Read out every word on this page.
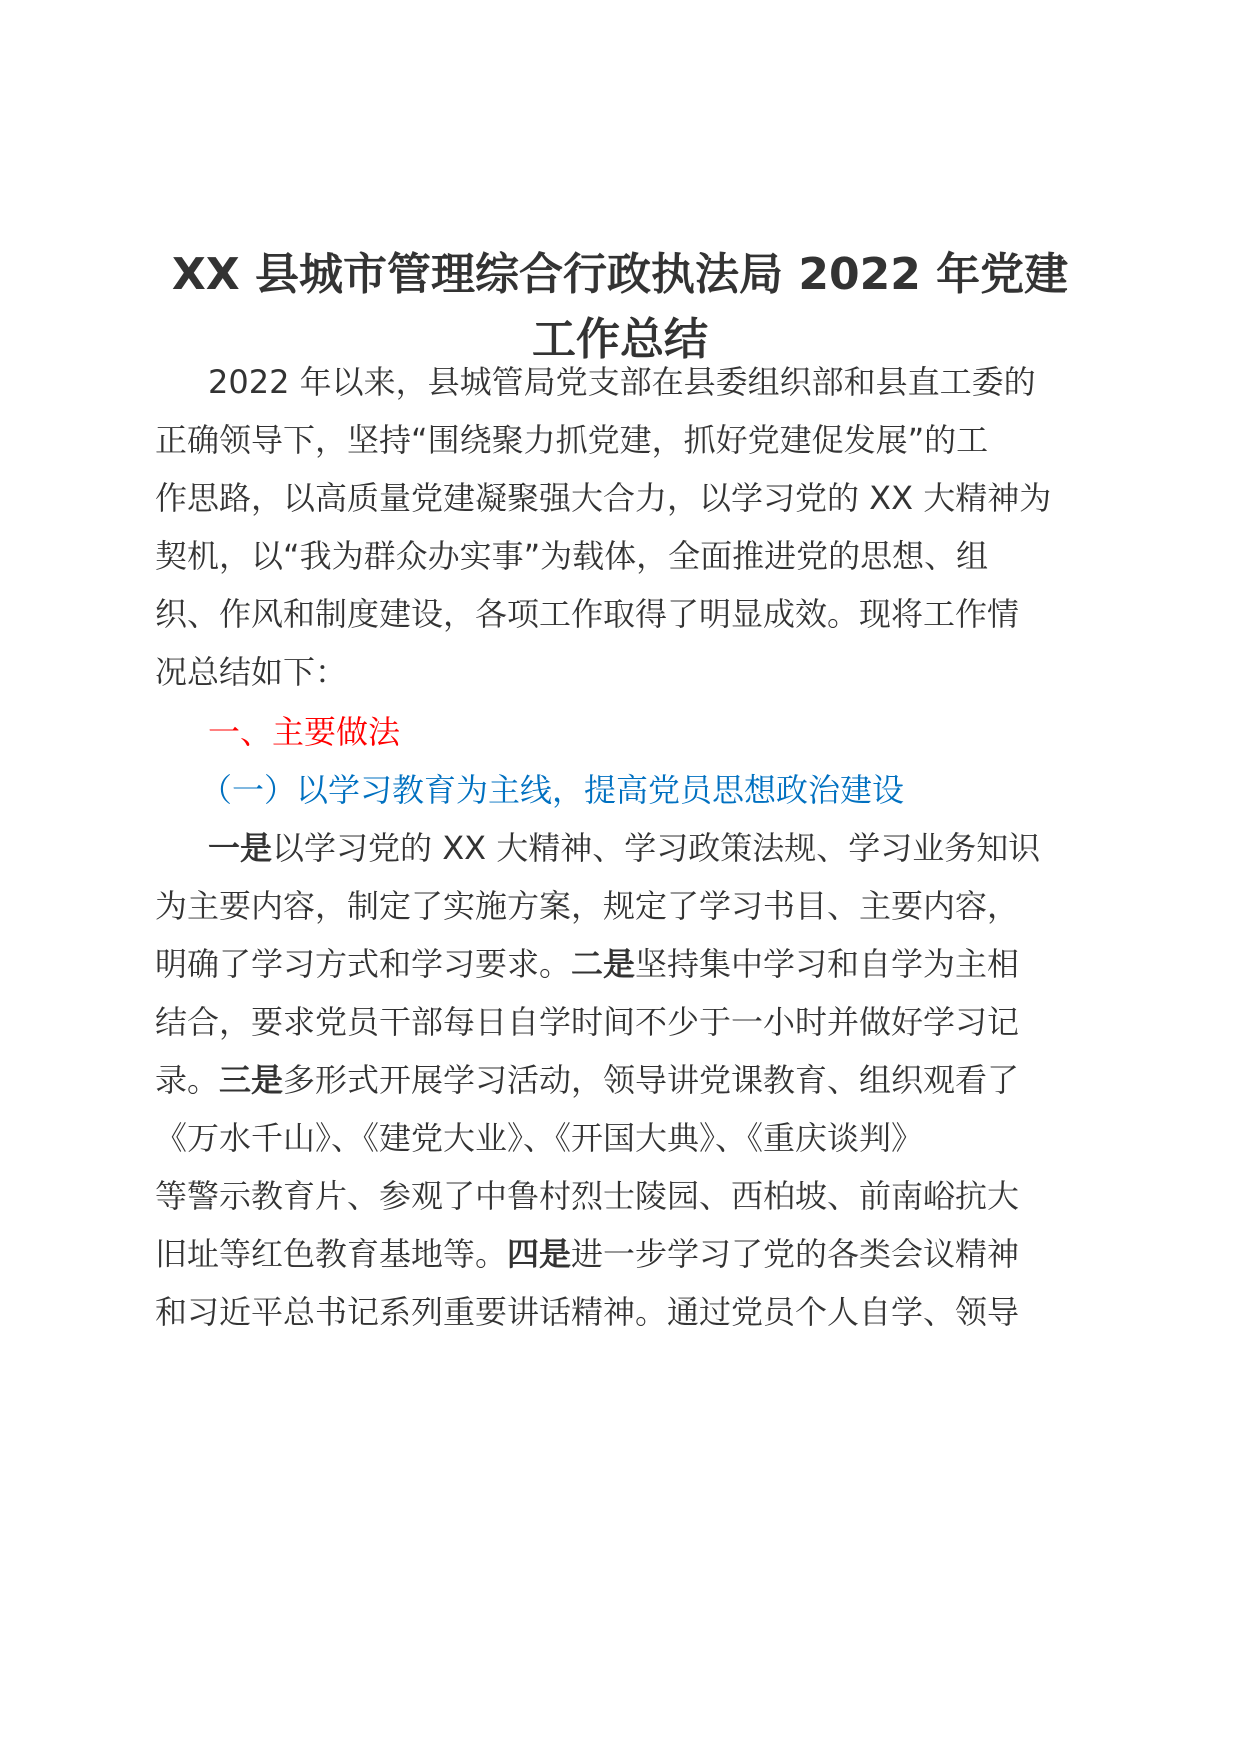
XX 县城市管理综合行政执法局 2022 年党建
工作总结
2022 年以来，县城管局党支部在县委组织部和县直工委的
正确领导下，坚持“围绕聚力抓党建，抓好党建促发展”的工
作思路，以高质量党建凝聚强大合力，以学习党的 XX 大精神为
契机，以“我为群众办实事”为载体，全面推进党的思想、组
织、作风和制度建设，各项工作取得了明显成效。现将工作情
况总结如下：
一、主要做法
（一）以学习教育为主线，提高党员思想政治建设
一是以学习党的 XX 大精神、学习政策法规、学习业务知识
为主要内容，制定了实施方案，规定了学习书目、主要内容，
明确了学习方式和学习要求。二是坚持集中学习和自学为主相
结合，要求党员干部每日自学时间不少于一小时并做好学习记
录。三是多形式开展学习活动，领导讲党课教育、组织观看了
《万水千山》、《建党大业》、《开国大典》、《重庆谈判》
等警示教育片、参观了中鲁村烈士陵园、西柏坡、前南峪抗大
旧址等红色教育基地等。四是进一步学习了党的各类会议精神
和习近平总书记系列重要讲话精神。通过党员个人自学、领导
